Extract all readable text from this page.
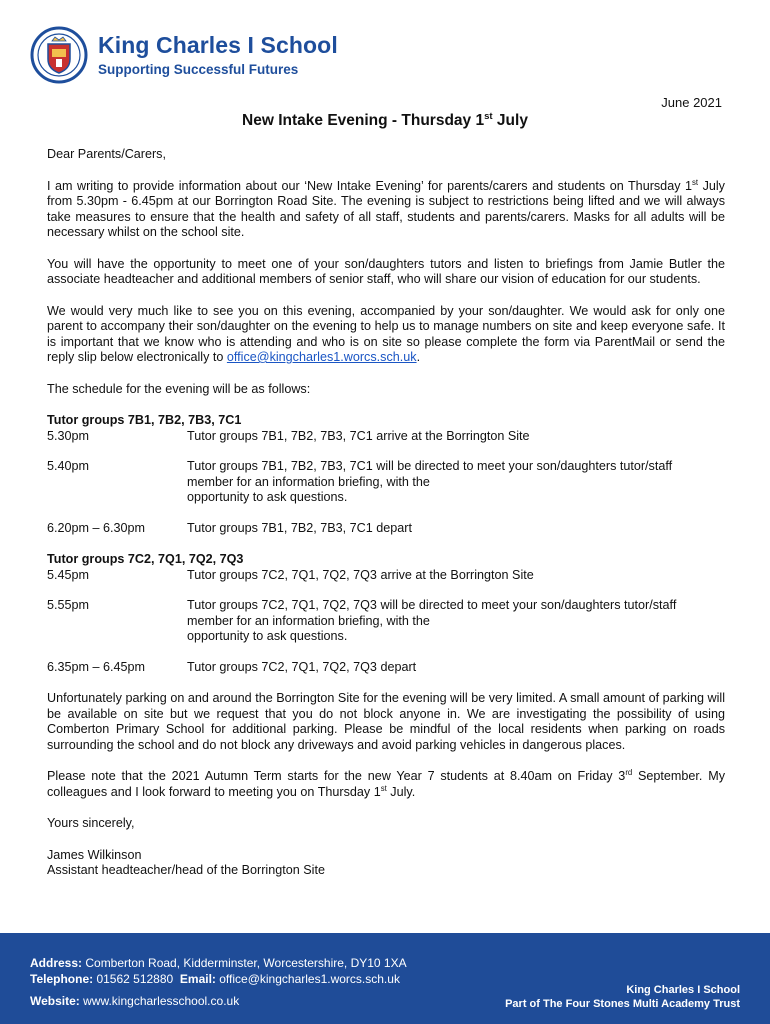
King Charles I School
Supporting Successful Futures
June 2021
New Intake Evening - Thursday 1st July

Dear Parents/Carers,

I am writing to provide information about our ‘New Intake Evening’ for parents/carers and students on Thursday 1st July from 5.30pm - 6.45pm at our Borrington Road Site. The evening is subject to restrictions being lifted and we will always take measures to ensure that the health and safety of all staff, students and parents/carers. Masks for all adults will be necessary whilst on the school site.

You will have the opportunity to meet one of your son/daughters tutors and listen to briefings from Jamie Butler the associate headteacher and additional members of senior staff, who will share our vision of education for our students.

We would very much like to see you on this evening, accompanied by your son/daughter. We would ask for only one parent to accompany their son/daughter on the evening to help us to manage numbers on site and keep everyone safe. It is important that we know who is attending and who is on site so please complete the form via ParentMail or send the reply slip below electronically to office@kingcharles1.worcs.sch.uk.

The schedule for the evening will be as follows:

Tutor groups 7B1, 7B2, 7B3, 7C1

5.30pm	Tutor groups 7B1, 7B2, 7B3, 7C1 arrive at the Borrington Site
5.40pm	Tutor groups 7B1, 7B2, 7B3, 7C1 will be directed to meet your son/daughters tutor/staff
member for an information briefing, with the
opportunity to ask questions.
6.20pm – 6.30pm	Tutor groups 7B1, 7B2, 7B3, 7C1 depart

Tutor groups 7C2, 7Q1, 7Q2, 7Q3

5.45pm	Tutor groups 7C2, 7Q1, 7Q2, 7Q3 arrive at the Borrington Site
5.55pm	Tutor groups 7C2, 7Q1, 7Q2, 7Q3 will be directed to meet your son/daughters tutor/staff
member for an information briefing, with the
opportunity to ask questions.
6.35pm – 6.45pm	Tutor groups 7C2, 7Q1, 7Q2, 7Q3 depart

Unfortunately parking on and around the Borrington Site for the evening will be very limited. A small amount of parking will be available on site but we request that you do not block anyone in. We are investigating the possibility of using Comberton Primary School for additional parking. Please be mindful of the local residents when parking on roads surrounding the school and do not block any driveways and avoid parking vehicles in dangerous places.

Please note that the 2021 Autumn Term starts for the new Year 7 students at 8.40am on Friday 3rd September. My colleagues and I look forward to meeting you on Thursday 1st July.

Yours sincerely,

James Wilkinson

Assistant headteacher/head of the Borrington Site

Address: Comberton Road, Kidderminster, Worcestershire, DY10 1XA
Telephone: 01562 512880 Email: office@kingcharles1.worcs.sch.uk
Website: www.kingcharlesschool.co.uk
King Charles I School
Part of The Four Stones Multi Academy Trust
